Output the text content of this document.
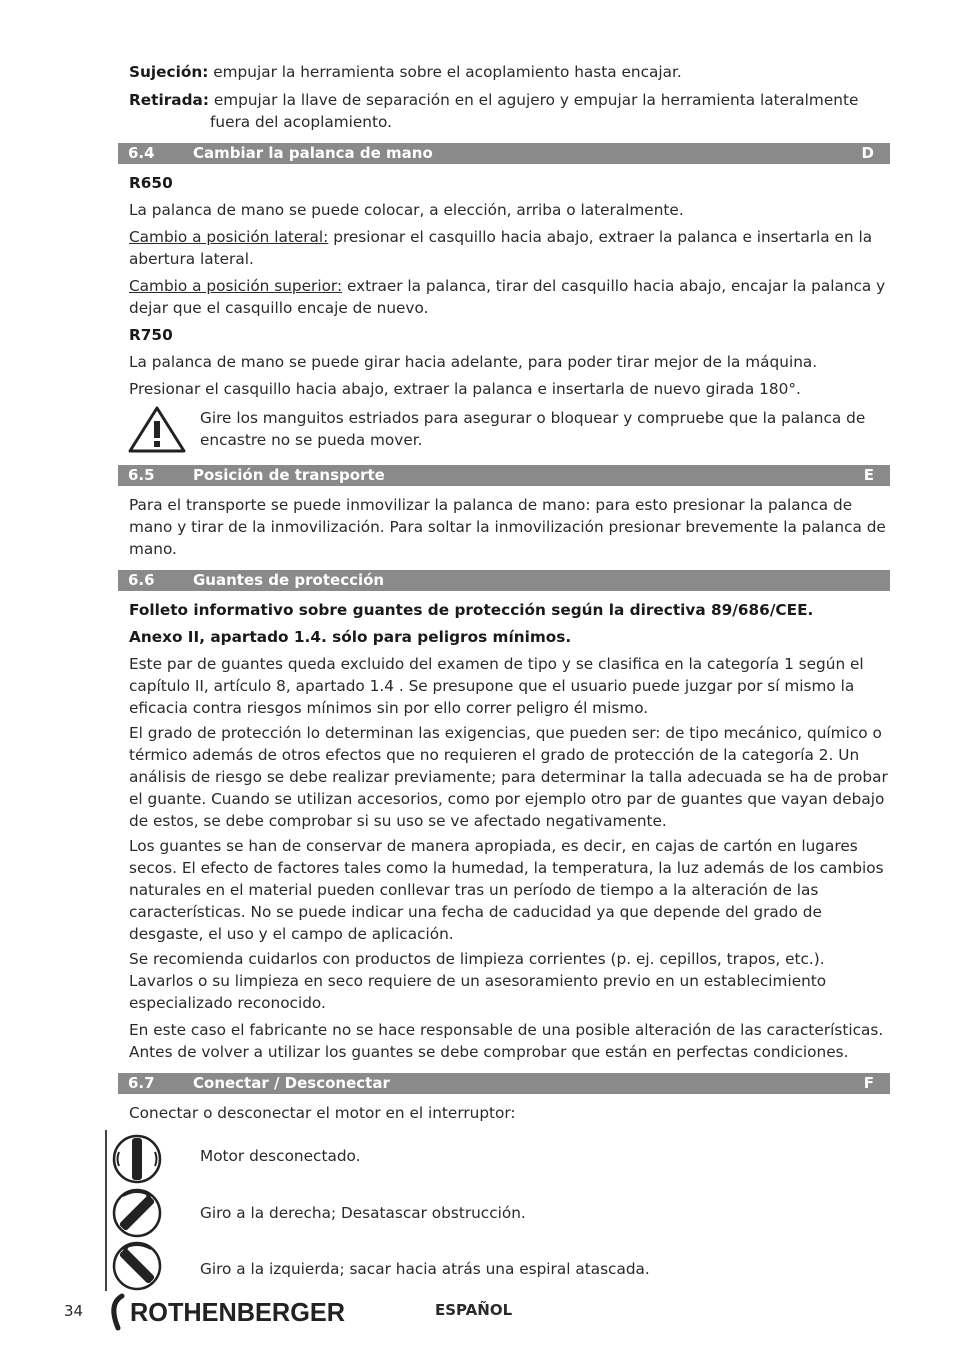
Sujeción: empujar la herramienta sobre el acoplamiento hasta encajar.

Retirada: empujar la llave de separación en el agujero y empujar la herramienta lateralmente

fuera del acoplamiento.

6.4	Cambiar la palanca de mano	D

R650

La palanca de mano se puede colocar, a elección, arriba o lateralmente.

Cambio a posición lateral: presionar el casquillo hacia abajo, extraer la palanca e insertarla en la abertura lateral.

Cambio a posición superior: extraer la palanca, tirar del casquillo hacia abajo, encajar la palanca y dejar que el casquillo encaje de nuevo.

R750

La palanca de mano se puede girar hacia adelante, para poder tirar mejor de la máquina.

Presionar el casquillo hacia abajo, extraer la palanca e insertarla de nuevo girada 180°.

Gire los manguitos estriados para asegurar o bloquear y compruebe que la palanca de encastre no se pueda mover.

6.5	Posición de transporte	E

Para el transporte se puede inmovilizar la palanca de mano: para esto presionar la palanca de mano y tirar de la inmovilización. Para soltar la inmovilización presionar brevemente la palanca de mano.

6.6	Guantes de protección

Folleto informativo sobre guantes de protección según la directiva 89/686/CEE.

Anexo II, apartado 1.4. sólo para peligros mínimos.

Este par de guantes queda excluido del examen de tipo y se clasifica en la categoría 1 según el capítulo II, artículo 8, apartado 1.4 . Se presupone que el usuario puede juzgar por sí mismo la eficacia contra riesgos mínimos sin por ello correr peligro él mismo.

El grado de protección lo determinan las exigencias, que pueden ser: de tipo mecánico, químico o térmico además de otros efectos que no requieren el grado de protección de la categoría 2. Un análisis de riesgo se debe realizar previamente; para determinar la talla adecuada se ha de probar el guante. Cuando se utilizan accesorios, como por ejemplo otro par de guantes que vayan debajo de estos, se debe comprobar si su uso se ve afectado negativamente.

Los guantes se han de conservar de manera apropiada, es decir, en cajas de cartón en lugares secos. El efecto de factores tales como la humedad, la temperatura, la luz además de los cambios naturales en el material pueden conllevar tras un período de tiempo a la alteración de las características. No se puede indicar una fecha de caducidad ya que depende del grado de desgaste, el uso y el campo de aplicación.

Se recomienda cuidarlos con productos de limpieza corrientes (p. ej. cepillos, trapos, etc.). Lavarlos o su limpieza en seco requiere de un asesoramiento previo en un establecimiento especializado reconocido.

En este caso el fabricante no se hace responsable de una posible alteración de las características. Antes de volver a utilizar los guantes se debe comprobar que están en perfectas condiciones.

6.7	Conectar / Desconectar	F

Conectar o desconectar el motor en el interruptor:

Motor desconectado.

Giro a la derecha; Desatascar obstrucción.

Giro a la izquierda; sacar hacia atrás una espiral atascada.

34 ROTHENBERGER	ESPAÑOL
